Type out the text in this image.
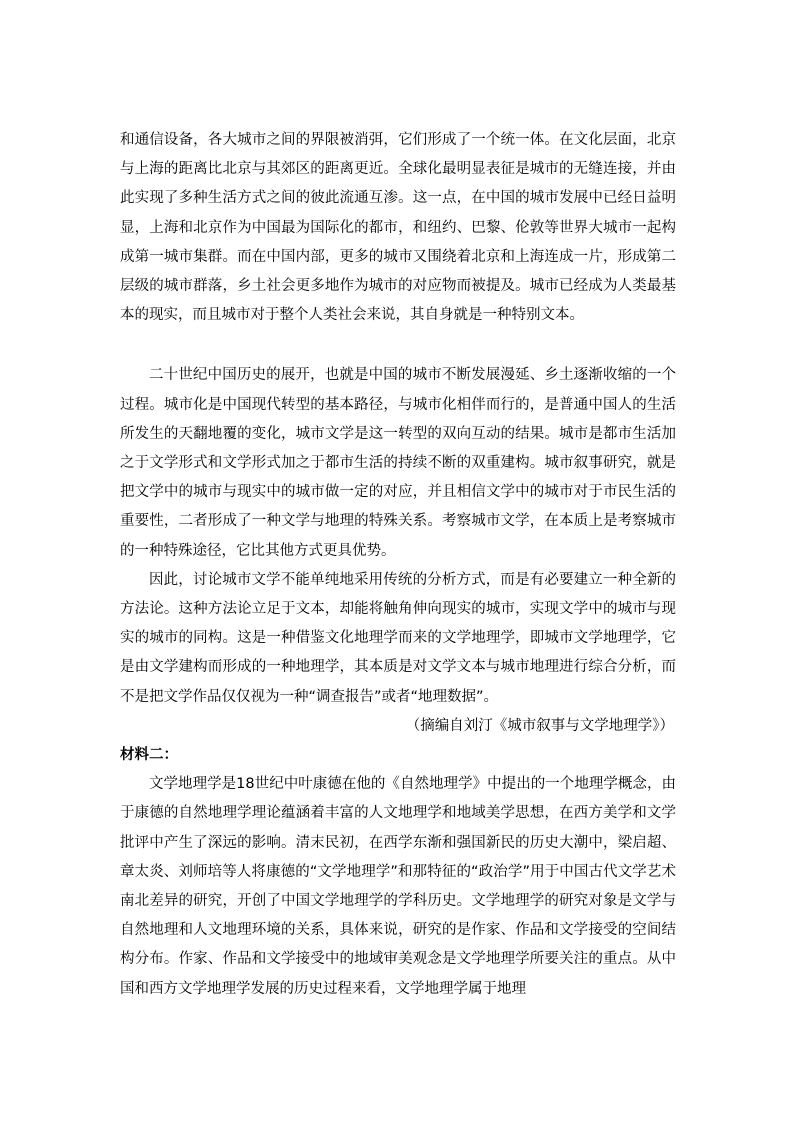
和通信设备，各大城市之间的界限被消弭，它们形成了一个统一体。在文化层面，北京与上海的距离比北京与其郊区的距离更近。全球化最明显表征是城市的无缝连接，并由此实现了多种生活方式之间的彼此流通互渗。这一点，在中国的城市发展中已经日益明显，上海和北京作为中国最为国际化的都市，和纽约、巴黎、伦敦等世界大城市一起构成第一城市集群。而在中国内部，更多的城市又围绕着北京和上海连成一片，形成第二层级的城市群落，乡土社会更多地作为城市的对应物而被提及。城市已经成为人类最基本的现实，而且城市对于整个人类社会来说，其自身就是一种特别文本。

二十世纪中国历史的展开，也就是中国的城市不断发展漫延、乡土逐渐收缩的一个过程。城市化是中国现代转型的基本路径，与城市化相伴而行的，是普通中国人的生活所发生的天翻地覆的变化，城市文学是这一转型的双向互动的结果。城市是都市生活加之于文学形式和文学形式加之于都市生活的持续不断的双重建构。城市叙事研究，就是把文学中的城市与现实中的城市做一定的对应，并且相信文学中的城市对于市民生活的重要性，二者形成了一种文学与地理的特殊关系。考察城市文学，在本质上是考察城市的一种特殊途径，它比其他方式更具优势。

因此，讨论城市文学不能单纯地采用传统的分析方式，而是有必要建立一种全新的方法论。这种方法论立足于文本，却能将触角伸向现实的城市，实现文学中的城市与现实的城市的同构。这是一种借鉴文化地理学而来的文学地理学，即城市文学地理学，它是由文学建构而形成的一种地理学，其本质是对文学文本与城市地理进行综合分析，而不是把文学作品仅仅视为一种“调查报告”或者“地理数据”。

（摘编自刘汀《城市叙事与文学地理学》）

材料二：

文学地理学是18世纪中叶康德在他的《自然地理学》中提出的一个地理学概念，由于康德的自然地理学理论蕴涵着丰富的人文地理学和地域美学思想，在西方美学和文学批评中产生了深远的影响。清末民初，在西学东渐和强国新民的历史大潮中，梁启超、章太炎、刘师培等人将康德的“文学地理学”和那特征的“政治学”用于中国古代文学艺术南北差异的研究，开创了中国文学地理学的学科历史。文学地理学的研究对象是文学与自然地理和人文地理环境的关系，具体来说，研究的是作家、作品和文学接受的空间结构分布。作家、作品和文学接受中的地域审美观念是文学地理学所要关注的重点。从中国和西方文学地理学发展的历史过程来看，文学地理学属于地理
